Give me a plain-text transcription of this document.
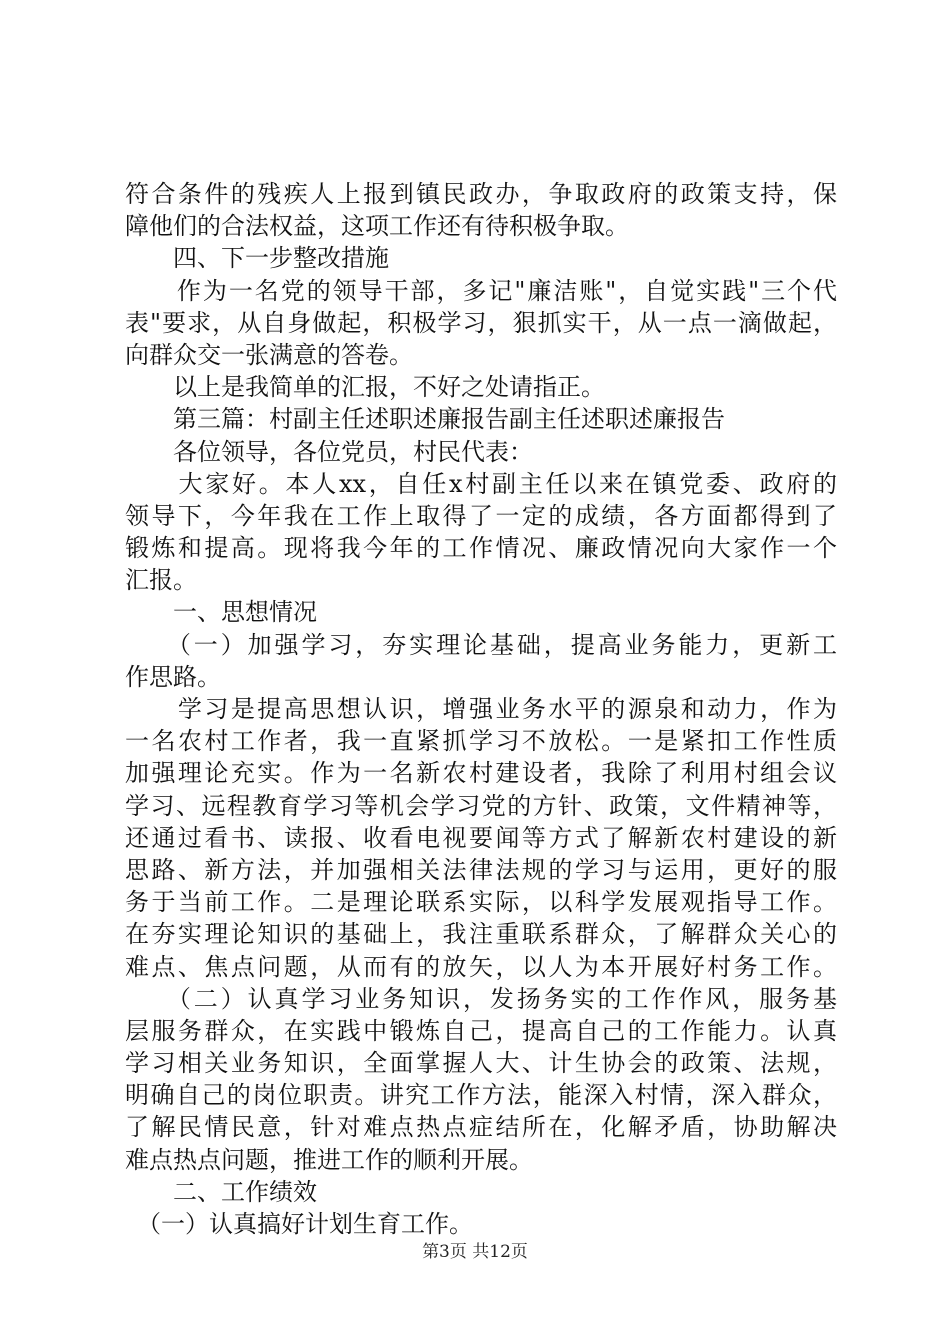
符合条件的残疾人上报到镇民政办，争取政府的政策支持，保
障他们的合法权益，这项工作还有待积极争取。
　　四、下一步整改措施
　　作为一名党的领导干部，多记"廉洁账"，自觉实践"三个代
表"要求，从自身做起，积极学习，狠抓实干，从一点一滴做起，
向群众交一张满意的答卷。
　　以上是我简单的汇报，不好之处请指正。
　　第三篇：村副主任述职述廉报告副主任述职述廉报告
　　各位领导，各位党员，村民代表：
　　大家好。本人xx，自任x村副主任以来在镇党委、政府的
领导下，今年我在工作上取得了一定的成绩，各方面都得到了
锻炼和提高。现将我今年的工作情况、廉政情况向大家作一个
汇报。
　　一、思想情况
　　（一）加强学习，夯实理论基础，提高业务能力，更新工
作思路。
　　学习是提高思想认识，增强业务水平的源泉和动力，作为
一名农村工作者，我一直紧抓学习不放松。一是紧扣工作性质
加强理论充实。作为一名新农村建设者，我除了利用村组会议
学习、远程教育学习等机会学习党的方针、政策，文件精神等，
还通过看书、读报、收看电视要闻等方式了解新农村建设的新
思路、新方法，并加强相关法律法规的学习与运用，更好的服
务于当前工作。二是理论联系实际，以科学发展观指导工作。
在夯实理论知识的基础上，我注重联系群众，了解群众关心的
难点、焦点问题，从而有的放矢，以人为本开展好村务工作。
　　（二）认真学习业务知识，发扬务实的工作作风，服务基
层服务群众，在实践中锻炼自己，提高自己的工作能力。认真
学习相关业务知识，全面掌握人大、计生协会的政策、法规，
明确自己的岗位职责。讲究工作方法，能深入村情，深入群众，
了解民情民意，针对难点热点症结所在，化解矛盾，协助解决
难点热点问题，推进工作的顺利开展。
　　二、工作绩效
　（一）认真搞好计划生育工作。
第3页 共12页
